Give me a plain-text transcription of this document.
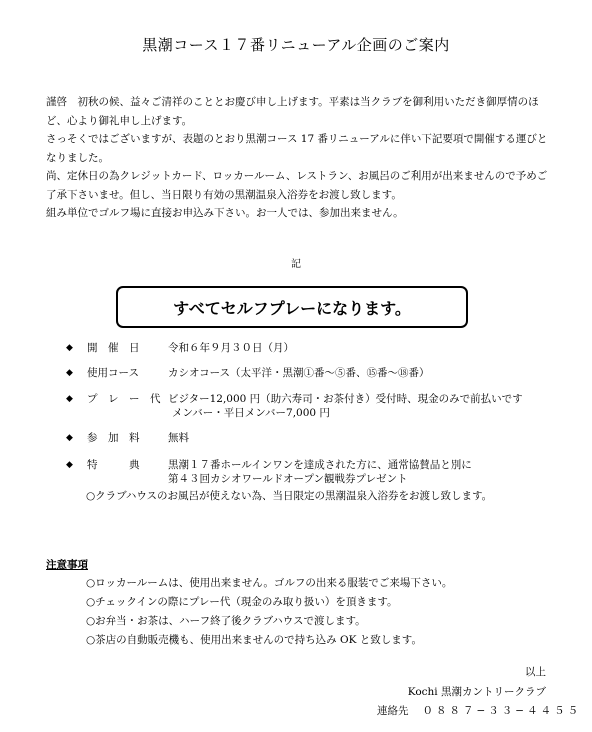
黒潮コース１７番リニューアル企画のご案内

謹啓　初秋の候、益々ご清祥のこととお慶び申し上げます。平素は当クラブを御利用いただき御厚情のほど、心より御礼申し上げます。

さっそくではございますが、表題のとおり黒潮コース 17 番リニューアルに伴い下記要項で開催する運びとなりました。

尚、定休日の為クレジットカード、ロッカールーム、レストラン、お風呂のご利用が出来ませんので予めご了承下さいませ。但し、当日限り有効の黒潮温泉入浴券をお渡し致します。

組み単位でゴルフ場に直接お申込み下さい。お一人では、参加出来ません。

記
すべてセルフプレーになります。
◆ 開　催　日	令和６年９月３０日（月）
◆ 使用コース	カシオコース（太平洋・黒潮①番～⑤番、⑮番～⑱番）
◆ プ　レ　ー　代 ビジター12,000 円（助六寿司・お茶付き）受付時、現金のみで前払いです
メンバー・平日メンバー7,000 円
◆ 参　加　料	無料
◆ 特　　　典	黒潮１７番ホールインワンを達成された方に、通常協賛品と別に
第４３回カシオワールドオープン観戦券プレゼント
○クラブハウスのお風呂が使えない為、当日限定の黒潮温泉入浴券をお渡し致します。
注意事項
○ロッカールームは、使用出来ません。ゴルフの出来る服装でご来場下さい。
○チェックインの際にプレー代（現金のみ取り扱い）を頂きます。
○お弁当・お茶は、ハーフ終了後クラブハウスで渡します。
○茶店の自動販売機も、使用出来ませんので持ち込み OK と致します。
以上
Kochi 黒潮カントリークラブ
連絡先 ０８８７−３３−４４５５
